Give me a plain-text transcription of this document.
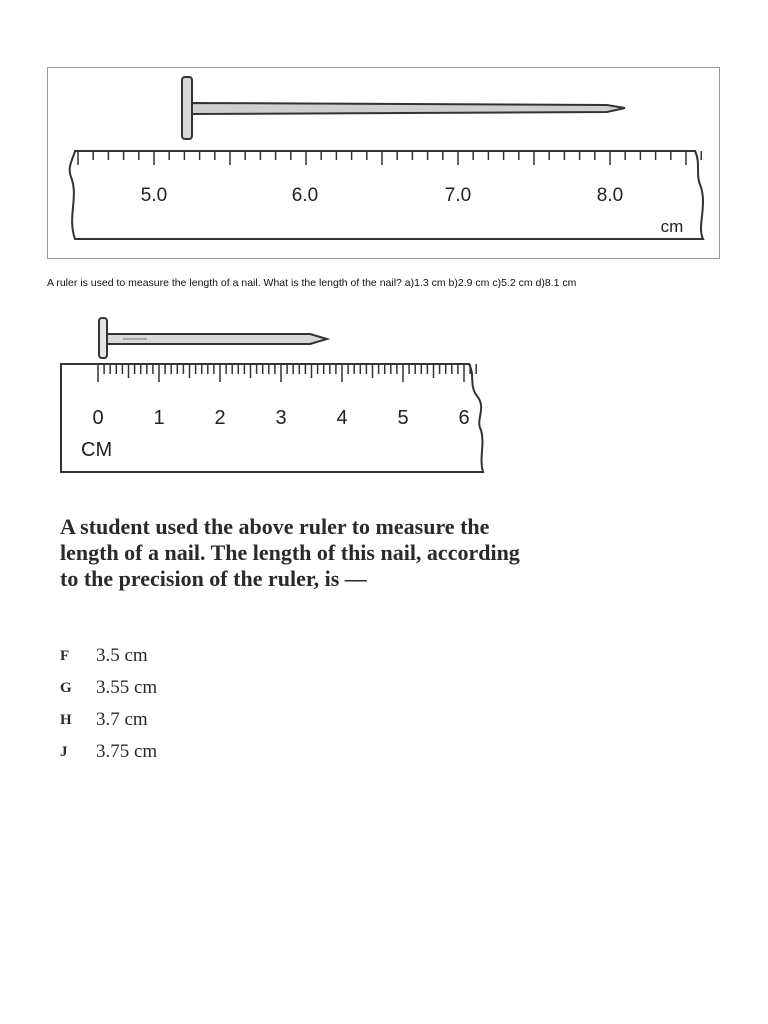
5.0	6.0	7.0	8.0
cm
A ruler is used to measure the length of a nail. What is the length of the nail? a)1.3 cm b)2.9 cm c)5.2 cm d)8.1 cm
0 1 2 3 4 5 6
CM
A student used the above ruler to measure the length of a nail. The length of this nail, according to the precision of the ruler, is —
F	3.5 cm
G	3.55 cm
H	3.7 cm
J	3.75 cm
